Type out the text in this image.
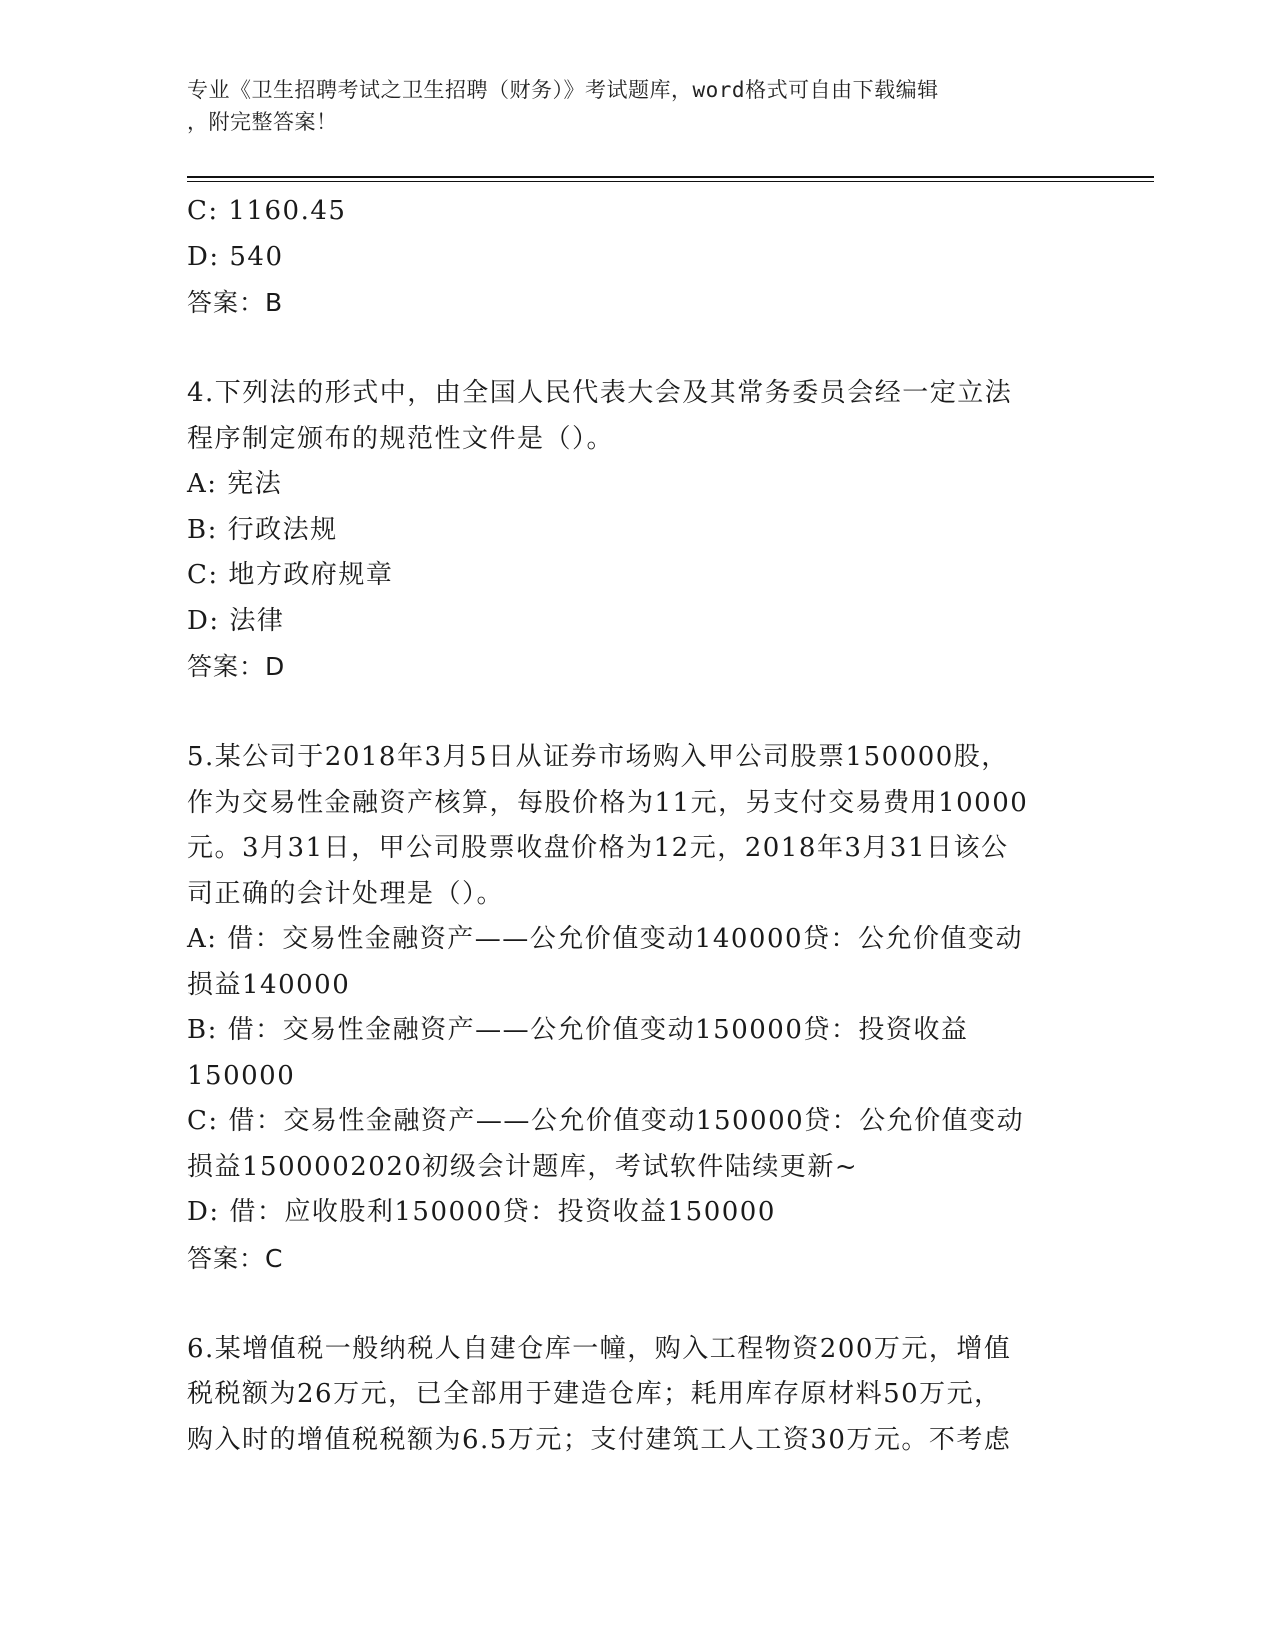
专业《卫生招聘考试之卫生招聘（财务）》考试题库，word格式可自由下载编辑
，附完整答案！
C: 1160.45
D: 540
答案：B
4.下列法的形式中，由全国人民代表大会及其常务委员会经一定立法
程序制定颁布的规范性文件是（）。
A: 宪法
B: 行政法规
C: 地方政府规章
D: 法律
答案：D
5.某公司于2018年3月5日从证券市场购入甲公司股票150000股，
作为交易性金融资产核算，每股价格为11元，另支付交易费用10000
元。3月31日，甲公司股票收盘价格为12元，2018年3月31日该公
司正确的会计处理是（）。
A: 借：交易性金融资产——公允价值变动140000贷：公允价值变动
损益140000
B: 借：交易性金融资产——公允价值变动150000贷：投资收益
150000
C: 借：交易性金融资产——公允价值变动150000贷：公允价值变动
损益1500002020初级会计题库，考试软件陆续更新~
D: 借：应收股利150000贷：投资收益150000
答案：C
6.某增值税一般纳税人自建仓库一幢，购入工程物资200万元，增值
税税额为26万元，已全部用于建造仓库；耗用库存原材料50万元，
购入时的增值税税额为6.5万元；支付建筑工人工资30万元。不考虑
